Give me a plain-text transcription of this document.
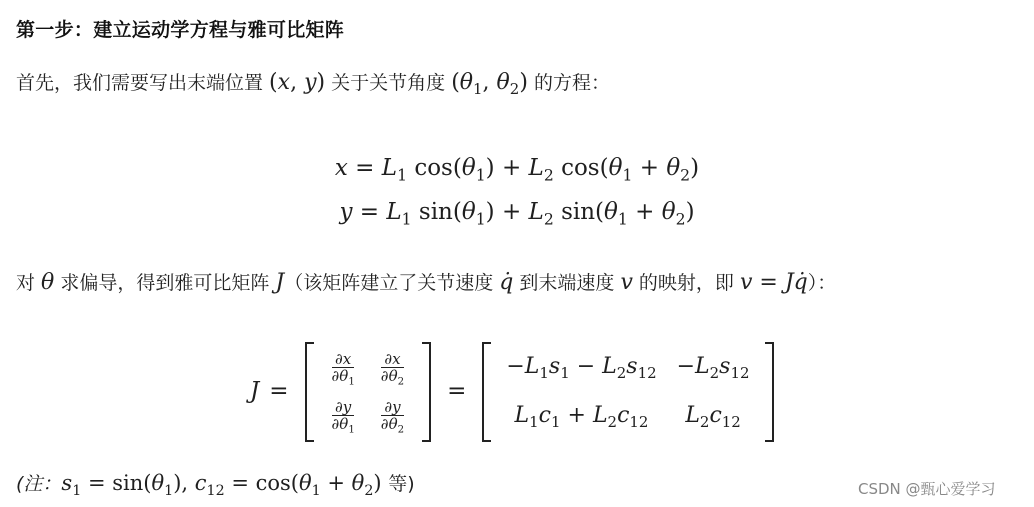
第一步：建立运动学方程与雅可比矩阵
首先，我们需要写出末端位置 (x, y) 关于关节角度 ($\theta_1$, $\theta_2$) 的方程：
$x = L_1$ $\cos(\theta_1) + L_2$ $\cos(\theta_1 + \theta_2)$
$y = L_1$ $\sin(\theta_1) + L_2$ $\sin(\theta_1 + \theta_2)$
对 θ 求偏导，得到雅可比矩阵 J（该矩阵建立了关节速度 q̇ 到末端速度 v 的映射，即 v = Jq̇）：
J =
$\frac{\partial x}{\partial\theta_1} \frac{\partial x}{\partial\theta_2}$
$\frac{\partial y}{\partial\theta_1} \frac{\partial y}{\partial\theta_2}$
=
$-L_1s_1 - L_2s_{12} -L_2s_{12}$
$L_1c_1 + L_2c_{12}$	$L_2c_{12}$
(注：$s_1 = \sin(\theta_1)$, $c_{12} = \cos(\theta_1 + \theta_2)$ 等)	CSDN @甄心爱学习
